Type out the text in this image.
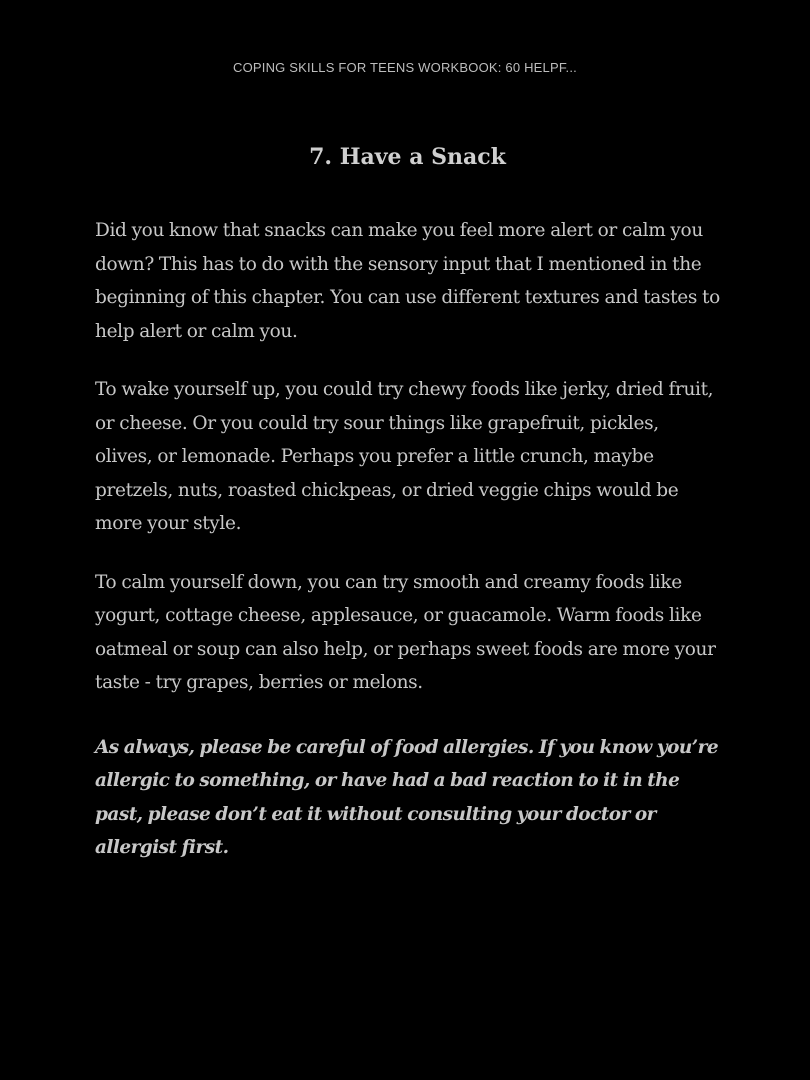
COPING SKILLS FOR TEENS WORKBOOK: 60 HELPF...
7. Have a Snack

Did you know that snacks can make you feel more alert or calm you down? This has to do with the sensory input that I mentioned in the beginning of this chapter. You can use different textures and tastes to help alert or calm you.

To wake yourself up, you could try chewy foods like jerky, dried fruit, or cheese. Or you could try sour things like grapefruit, pickles, olives, or lemonade. Perhaps you prefer a little crunch, maybe pretzels, nuts, roasted chickpeas, or dried veggie chips would be more your style.

To calm yourself down, you can try smooth and creamy foods like yogurt, cottage cheese, applesauce, or guacamole. Warm foods like oatmeal or soup can also help, or perhaps sweet foods are more your taste - try grapes, berries or melons.

As always, please be careful of food allergies. If you know you’re allergic to something, or have had a bad reaction to it in the past, please don’t eat it without consulting your doctor or allergist first.
